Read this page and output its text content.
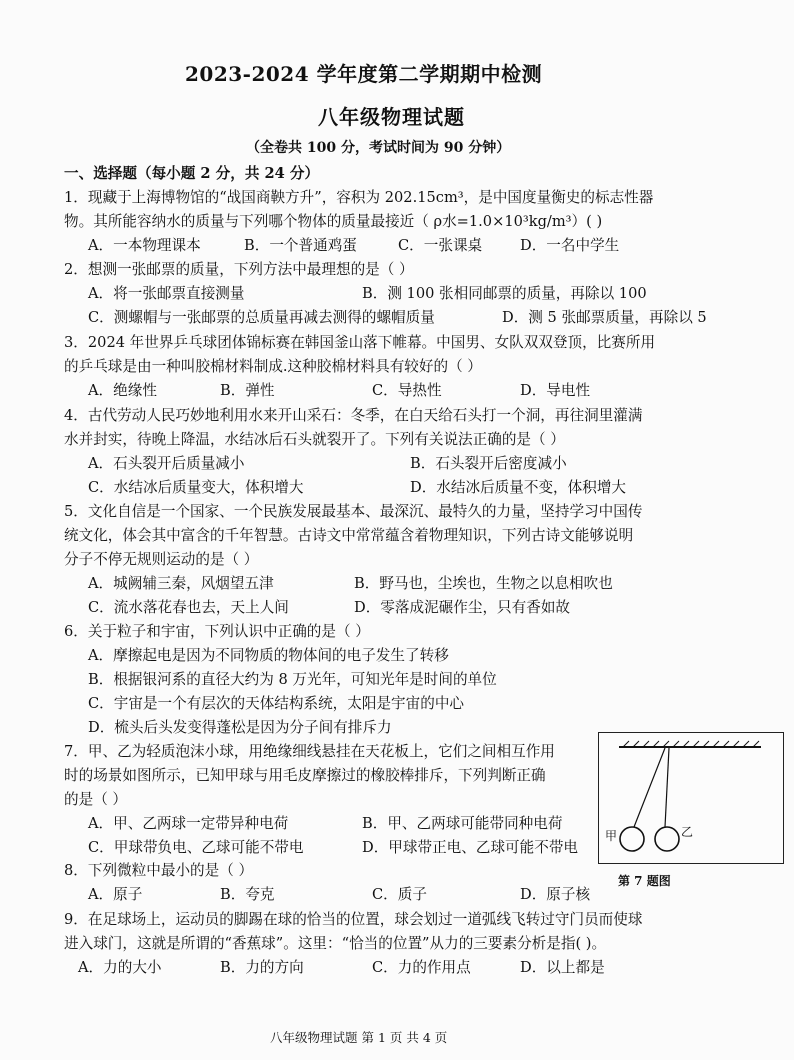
2023-2024 学年度第二学期期中检测
八年级物理试题
（全卷共 100 分，考试时间为 90 分钟）
一、选择题（每小题 2 分，共 24 分）
1．现藏于上海博物馆的“战国商鞅方升”，容积为 202.15cm³，是中国度量衡史的标志性器
物。其所能容纳水的质量与下列哪个物体的质量最接近（ ρ水=1.0×10³kg/m³）( )
A．一本物理课本	B．一个普通鸡蛋	C．一张课桌	D．一名中学生
2．想测一张邮票的质量，下列方法中最理想的是（ ）
A．将一张邮票直接测量	B．测 100 张相同邮票的质量，再除以 100
C．测螺帽与一张邮票的总质量再减去测得的螺帽质量	D．测 5 张邮票质量，再除以 5
3．2024 年世界乒乓球团体锦标赛在韩国釜山落下帷幕。中国男、女队双双登顶，比赛所用
的乒乓球是由一种叫胶棉材料制成.这种胶棉材料具有较好的（ ）
A．绝缘性	B．弹性	C．导热性	D．导电性
4．古代劳动人民巧妙地利用水来开山采石：冬季，在白天给石头打一个洞，再往洞里灌满
水并封实，待晚上降温，水结冰后石头就裂开了。下列有关说法正确的是（ ）
A．石头裂开后质量减小	B．石头裂开后密度减小
C．水结冰后质量变大，体积增大	D．水结冰后质量不变，体积增大
5．文化自信是一个国家、一个民族发展最基本、最深沉、最特久的力量，坚持学习中国传
统文化，体会其中富含的千年智慧。古诗文中常常蕴含着物理知识，下列古诗文能够说明
分子不停无规则运动的是（ ）
A．城阙辅三秦，风烟望五津	B．野马也，尘埃也，生物之以息相吹也
C．流水落花春也去，天上人间	D．零落成泥碾作尘，只有香如故
6．关于粒子和宇宙，下列认识中正确的是（ ）
A．摩擦起电是因为不同物质的物体间的电子发生了转移
B．根据银河系的直径大约为 8 万光年，可知光年是时间的单位
C．宇宙是一个有层次的天体结构系统，太阳是宇宙的中心
D．梳头后头发变得蓬松是因为分子间有排斥力
7．甲、乙为轻质泡沫小球，用绝缘细线悬挂在天花板上，它们之间相互作用
时的场景如图所示，已知甲球与用毛皮摩擦过的橡胶棒排斥，下列判断正确
的是（ ）
A．甲、乙两球一定带异种电荷	B．甲、乙两球可能带同种电荷
C．甲球带负电、乙球可能不带电	D．甲球带正电、乙球可能不带电
甲	乙
第 7 题图
8．下列微粒中最小的是（ ）
A．原子	B．夸克	C．质子	D．原子核
9．在足球场上，运动员的脚踢在球的恰当的位置，球会划过一道弧线飞转过守门员而使球
进入球门，这就是所谓的“香蕉球”。这里：“恰当的位置”从力的三要素分析是指( )。
A．力的大小	B．力的方向	C．力的作用点	D．以上都是
八年级物理试题 第 1 页 共 4 页
